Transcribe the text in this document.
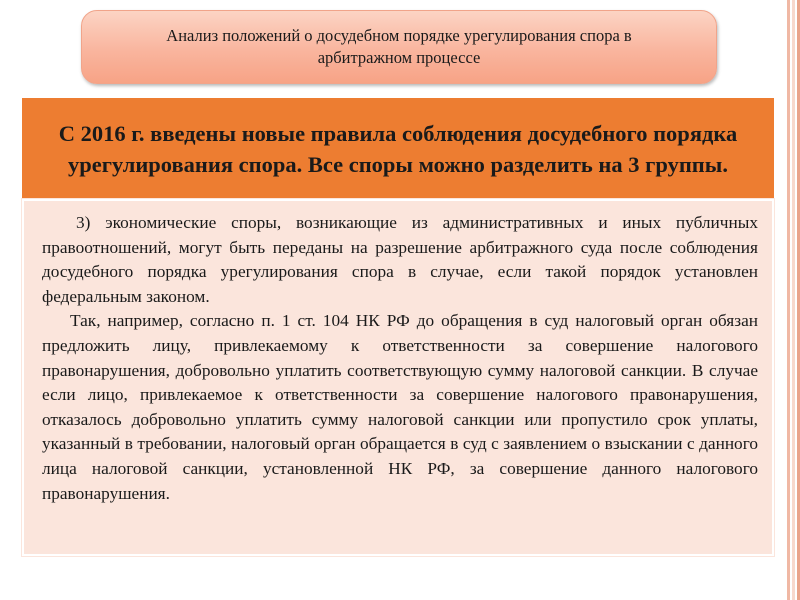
Анализ положений о досудебном порядке урегулирования спора в арбитражном процессе
С 2016 г. введены новые правила соблюдения досудебного порядка урегулирования спора. Все споры можно разделить на 3 группы.

3) экономические споры, возникающие из административных и иных публичных правоотношений, могут быть переданы на разрешение арбитражного суда после соблюдения досудебного порядка урегулирования спора в случае, если такой порядок установлен федеральным законом.

Так, например, согласно п. 1 ст. 104 НК РФ до обращения в суд налоговый орган обязан предложить лицу, привлекаемому к ответственности за совершение налогового правонарушения, добровольно уплатить соответствующую сумму налоговой санкции. В случае если лицо, привлекаемое к ответственности за совершение налогового правонарушения, отказалось добровольно уплатить сумму налоговой санкции или пропустило срок уплаты, указанный в требовании, налоговый орган обращается в суд с заявлением о взыскании с данного лица налоговой санкции, установленной НК РФ, за совершение данного налогового правонарушения.
